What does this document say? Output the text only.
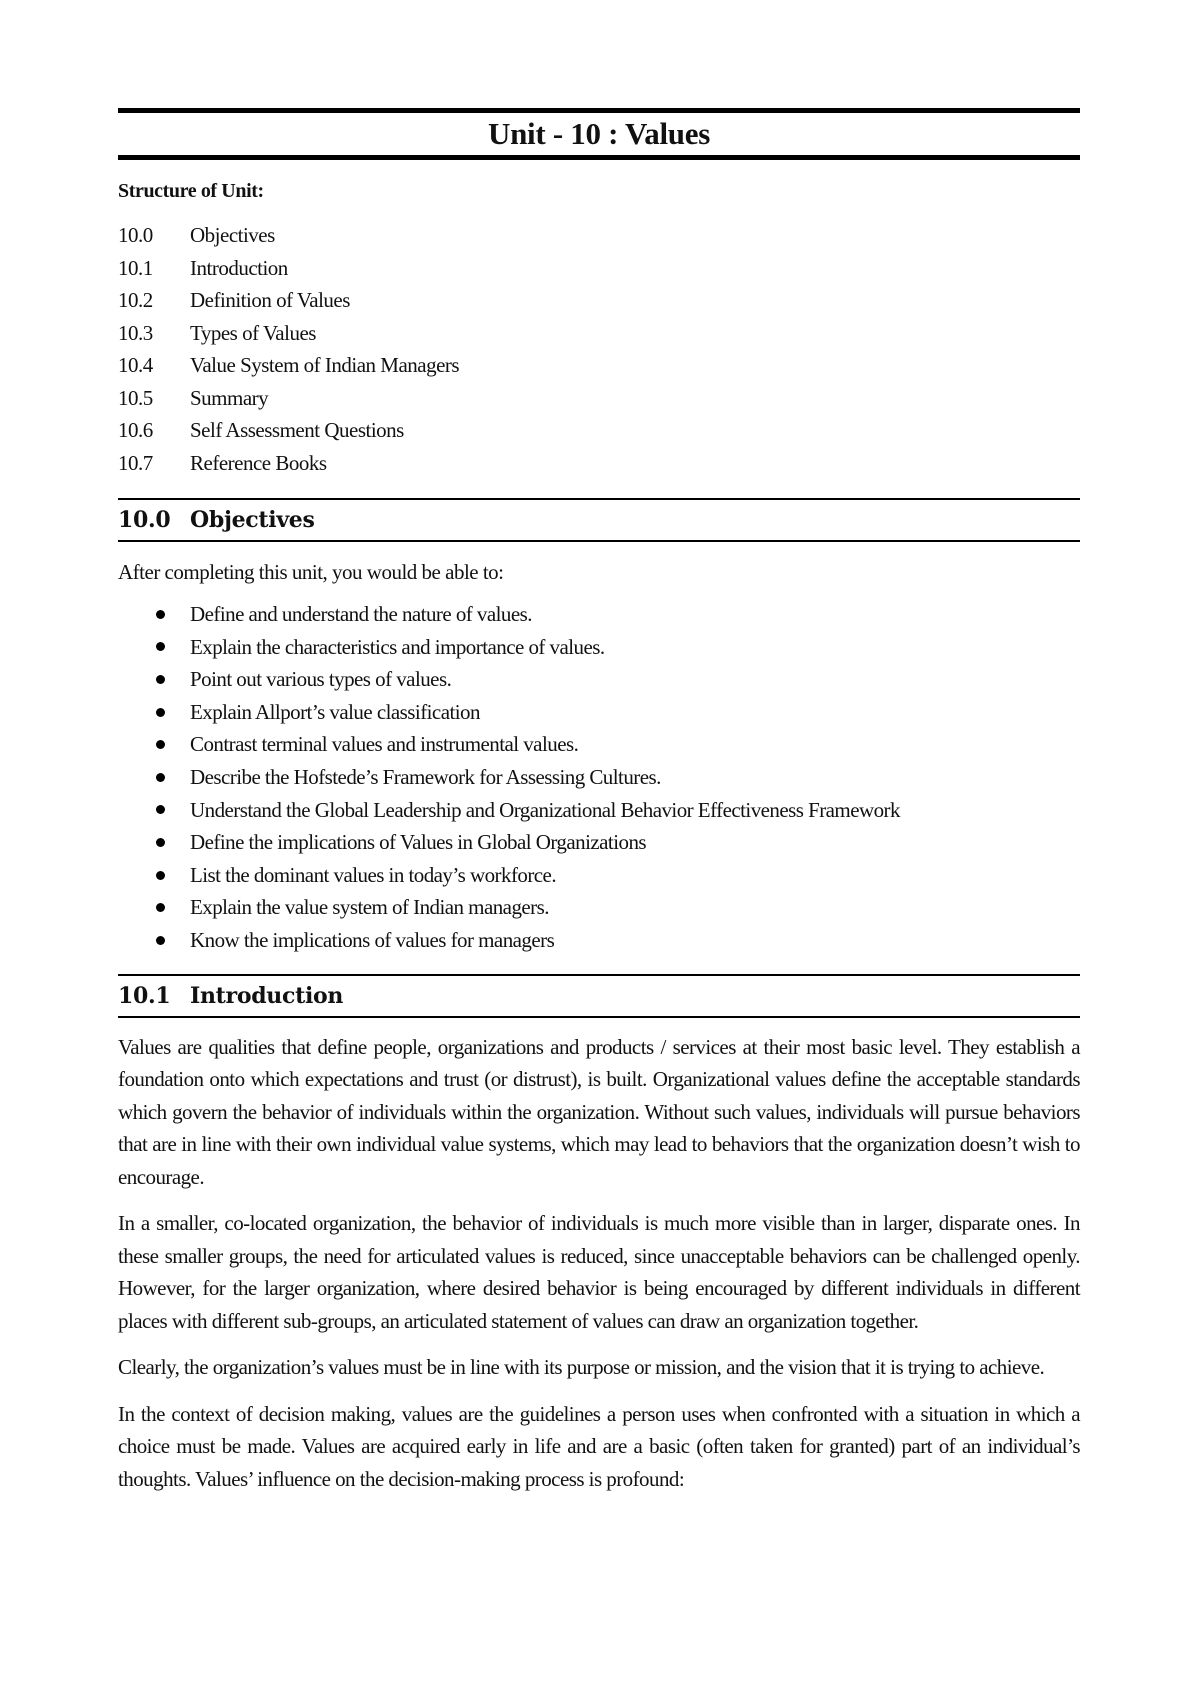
Unit - 10 : Values
Structure of Unit:
10.0	Objectives
10.1	Introduction
10.2	Definition of Values
10.3	Types of Values
10.4	Value System of Indian Managers
10.5	Summary
10.6	Self Assessment Questions
10.7	Reference Books
10.0 Objectives
After completing this unit, you would be able to:
Define and understand the nature of values.
Explain the characteristics and importance of values.
Point out various types of values.
Explain Allport’s value classification
Contrast terminal values and instrumental values.
Describe the Hofstede’s Framework for Assessing Cultures.
Understand the Global Leadership and Organizational Behavior Effectiveness Framework
Define the implications of Values in Global Organizations
List the dominant values in today’s workforce.
Explain the value system of Indian managers.
Know the implications of values for managers
10.1 Introduction

Values are qualities that define people, organizations and products / services at their most basic level. They establish a foundation onto which expectations and trust (or distrust), is built. Organizational values define the acceptable standards which govern the behavior of individuals within the organization. Without such values, individuals will pursue behaviors that are in line with their own individual value systems, which may lead to behaviors that the organization doesn’t wish to encourage.

In a smaller, co-located organization, the behavior of individuals is much more visible than in larger, disparate ones. In these smaller groups, the need for articulated values is reduced, since unacceptable behaviors can be challenged openly. However, for the larger organization, where desired behavior is being encouraged by different individuals in different places with different sub-groups, an articulated statement of values can draw an organization together.

Clearly, the organization’s values must be in line with its purpose or mission, and the vision that it is trying to achieve.

In the context of decision making, values are the guidelines a person uses when confronted with a situation in which a choice must be made. Values are acquired early in life and are a basic (often taken for granted) part of an individual’s thoughts. Values’ influence on the decision-making process is profound:
